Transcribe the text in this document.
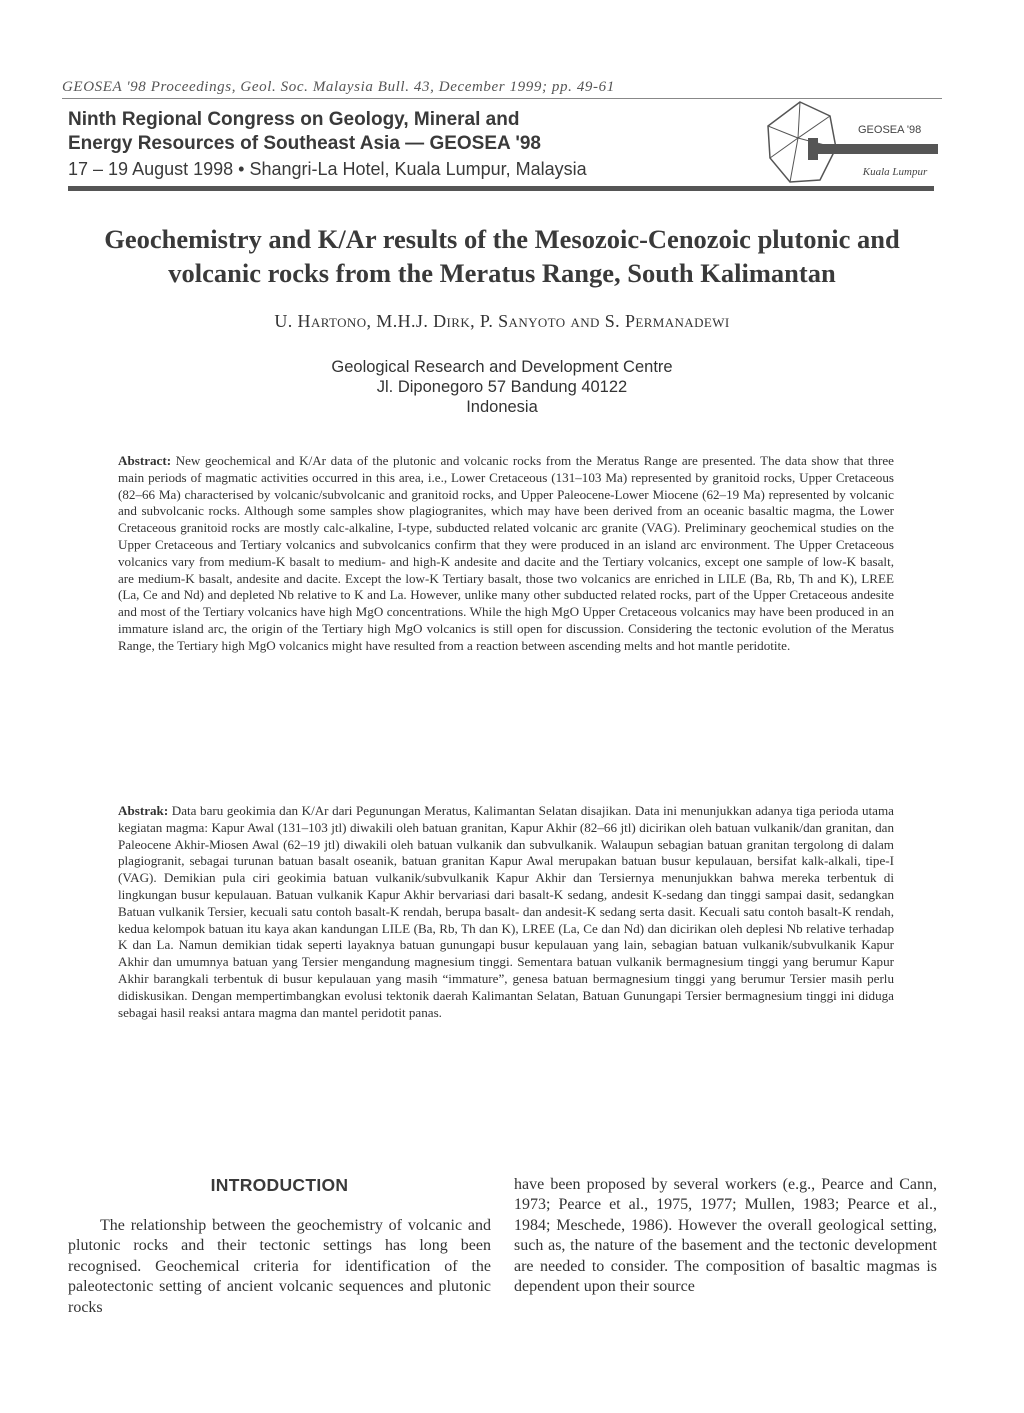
GEOSEA '98 Proceedings, Geol. Soc. Malaysia Bull. 43, December 1999; pp. 49-61
Ninth Regional Congress on Geology, Mineral and
Energy Resources of Southeast Asia — GEOSEA '98
17 – 19 August 1998 • Shangri-La Hotel, Kuala Lumpur, Malaysia
GEOSEA '98
Kuala Lumpur
Geochemistry and K/Ar results of the Mesozoic-Cenozoic plutonic and volcanic rocks from the Meratus Range, South Kalimantan
U. Hartono, M.H.J. Dirk, P. Sanyoto and S. Permanadewi
Geological Research and Development Centre
Jl. Diponegoro 57 Bandung 40122
Indonesia

Abstract: New geochemical and K/Ar data of the plutonic and volcanic rocks from the Meratus Range are presented. The data show that three main periods of magmatic activities occurred in this area, i.e., Lower Cretaceous (131–103 Ma) represented by granitoid rocks, Upper Cretaceous (82–66 Ma) characterised by volcanic/subvolcanic and granitoid rocks, and Upper Paleocene-Lower Miocene (62–19 Ma) represented by volcanic and subvolcanic rocks. Although some samples show plagiogranites, which may have been derived from an oceanic basaltic magma, the Lower Cretaceous granitoid rocks are mostly calc-alkaline, I-type, subducted related volcanic arc granite (VAG). Preliminary geochemical studies on the Upper Cretaceous and Tertiary volcanics and subvolcanics confirm that they were produced in an island arc environment. The Upper Cretaceous volcanics vary from medium-K basalt to medium- and high-K andesite and dacite and the Tertiary volcanics, except one sample of low-K basalt, are medium-K basalt, andesite and dacite. Except the low-K Tertiary basalt, those two volcanics are enriched in LILE (Ba, Rb, Th and K), LREE (La, Ce and Nd) and depleted Nb relative to K and La. However, unlike many other subducted related rocks, part of the Upper Cretaceous andesite and most of the Tertiary volcanics have high MgO concentrations. While the high MgO Upper Cretaceous volcanics may have been produced in an immature island arc, the origin of the Tertiary high MgO volcanics is still open for discussion. Considering the tectonic evolution of the Meratus Range, the Tertiary high MgO volcanics might have resulted from a reaction between ascending melts and hot mantle peridotite.

Abstrak: Data baru geokimia dan K/Ar dari Pegunungan Meratus, Kalimantan Selatan disajikan. Data ini menunjukkan adanya tiga perioda utama kegiatan magma: Kapur Awal (131–103 jtl) diwakili oleh batuan granitan, Kapur Akhir (82–66 jtl) dicirikan oleh batuan vulkanik/dan granitan, dan Paleocene Akhir-Miosen Awal (62–19 jtl) diwakili oleh batuan vulkanik dan subvulkanik. Walaupun sebagian batuan granitan tergolong di dalam plagiogranit, sebagai turunan batuan basalt oseanik, batuan granitan Kapur Awal merupakan batuan busur kepulauan, bersifat kalk-alkali, tipe-I (VAG). Demikian pula ciri geokimia batuan vulkanik/subvulkanik Kapur Akhir dan Tersiernya menunjukkan bahwa mereka terbentuk di lingkungan busur kepulauan. Batuan vulkanik Kapur Akhir bervariasi dari basalt-K sedang, andesit K-sedang dan tinggi sampai dasit, sedangkan Batuan vulkanik Tersier, kecuali satu contoh basalt-K rendah, berupa basalt- dan andesit-K sedang serta dasit. Kecuali satu contoh basalt-K rendah, kedua kelompok batuan itu kaya akan kandungan LILE (Ba, Rb, Th dan K), LREE (La, Ce dan Nd) dan dicirikan oleh deplesi Nb relative terhadap K dan La. Namun demikian tidak seperti layaknya batuan gunungapi busur kepulauan yang lain, sebagian batuan vulkanik/subvulkanik Kapur Akhir dan umumnya batuan yang Tersier mengandung magnesium tinggi. Sementara batuan vulkanik bermagnesium tinggi yang berumur Kapur Akhir barangkali terbentuk di busur kepulauan yang masih “immature”, genesa batuan bermagnesium tinggi yang berumur Tersier masih perlu didiskusikan. Dengan mempertimbangkan evolusi tektonik daerah Kalimantan Selatan, Batuan Gunungapi Tersier bermagnesium tinggi ini diduga sebagai hasil reaksi antara magma dan mantel peridotit panas.

INTRODUCTION

The relationship between the geochemistry of volcanic and plutonic rocks and their tectonic settings has long been recognised. Geochemical criteria for identification of the paleotectonic setting of ancient volcanic sequences and plutonic rocks

have been proposed by several workers (e.g., Pearce and Cann, 1973; Pearce et al., 1975, 1977; Mullen, 1983; Pearce et al., 1984; Meschede, 1986). However the overall geological setting, such as, the nature of the basement and the tectonic development are needed to consider. The composition of basaltic magmas is dependent upon their source
